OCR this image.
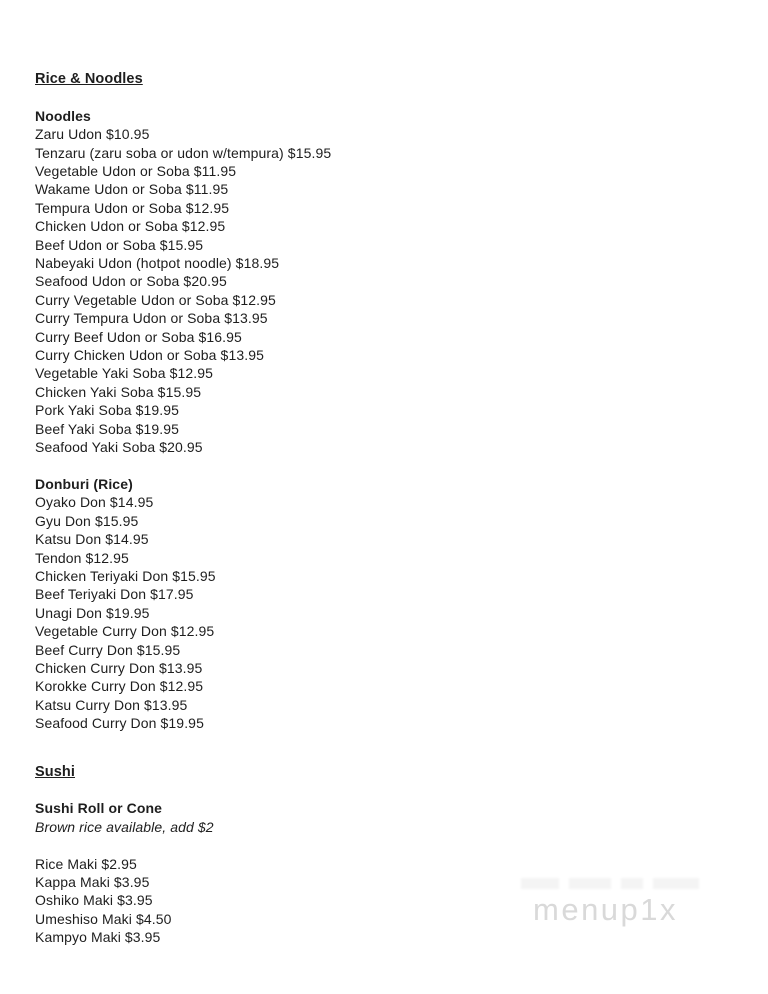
Rice & Noodles
Noodles
Zaru Udon $10.95
Tenzaru (zaru soba or udon w/tempura) $15.95
Vegetable Udon or Soba $11.95
Wakame Udon or Soba $11.95
Tempura Udon or Soba $12.95
Chicken Udon or Soba $12.95
Beef Udon or Soba $15.95
Nabeyaki Udon (hotpot noodle) $18.95
Seafood Udon or Soba $20.95
Curry Vegetable Udon or Soba $12.95
Curry Tempura Udon or Soba $13.95
Curry Beef Udon or Soba $16.95
Curry Chicken Udon or Soba $13.95
Vegetable Yaki Soba $12.95
Chicken Yaki Soba $15.95
Pork Yaki Soba $19.95
Beef Yaki Soba $19.95
Seafood Yaki Soba $20.95
Donburi (Rice)
Oyako Don $14.95
Gyu Don $15.95
Katsu Don $14.95
Tendon $12.95
Chicken Teriyaki Don $15.95
Beef Teriyaki Don $17.95
Unagi Don $19.95
Vegetable Curry Don $12.95
Beef Curry Don $15.95
Chicken Curry Don $13.95
Korokke Curry Don $12.95
Katsu Curry Don $13.95
Seafood Curry Don $19.95
Sushi
Sushi Roll or Cone
Brown rice available, add $2
Rice Maki $2.95
Kappa Maki $3.95
Oshiko Maki $3.95
Umeshiso Maki $4.50
Kampyo Maki $3.95
menup1x
